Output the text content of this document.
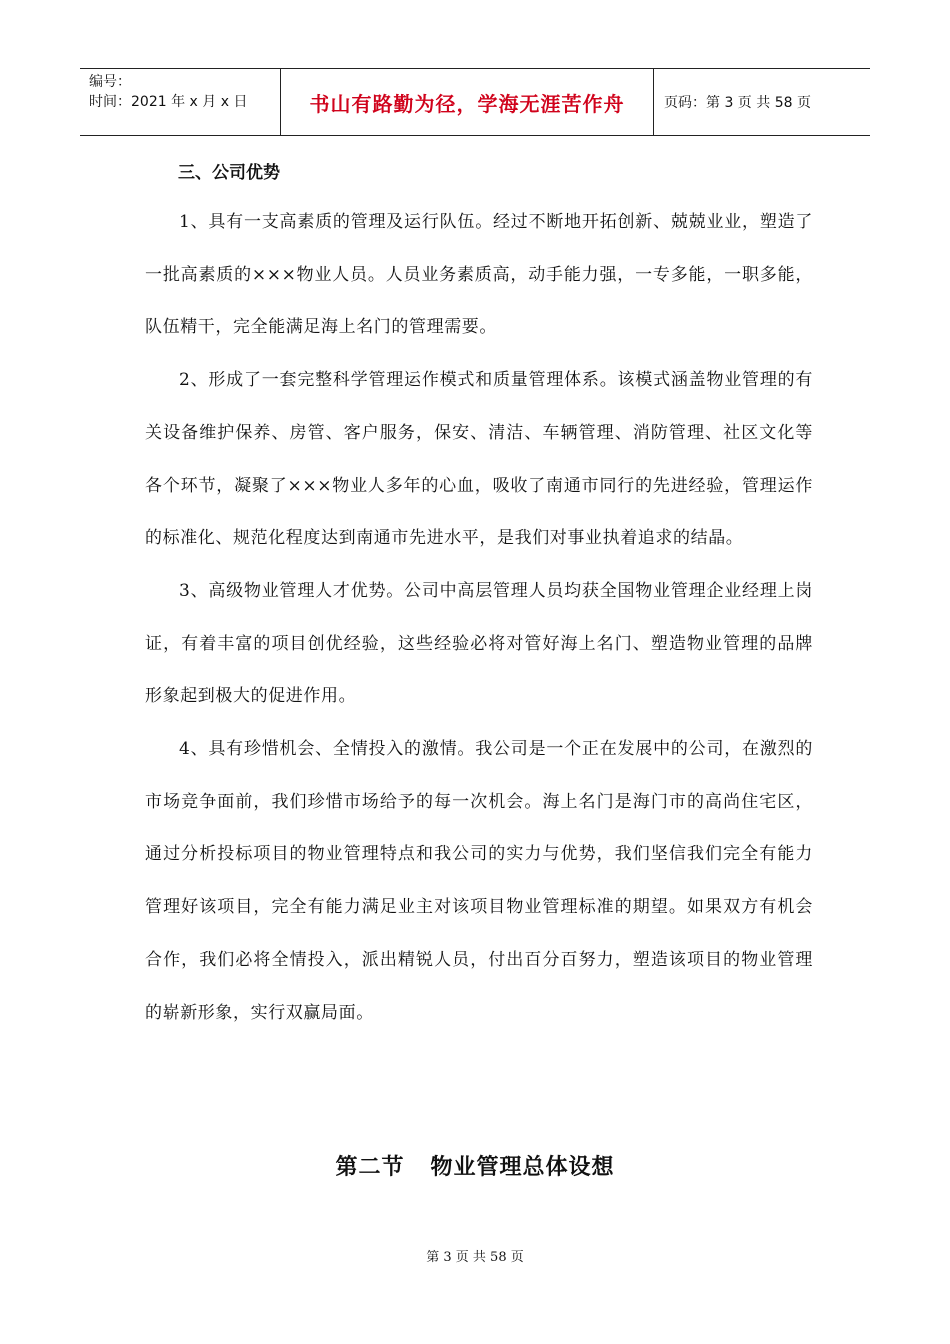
编号：
时间：2021 年 x 月 x 日	书山有路勤为径，学海无涯苦作舟	页码：第 3 页 共 58 页
三、公司优势

1、具有一支高素质的管理及运行队伍。经过不断地开拓创新、兢兢业业，塑造了一批高素质的×××物业人员。人员业务素质高，动手能力强，一专多能，一职多能，队伍精干，完全能满足海上名门的管理需要。

2、形成了一套完整科学管理运作模式和质量管理体系。该模式涵盖物业管理的有关设备维护保养、房管、客户服务，保安、清洁、车辆管理、消防管理、社区文化等各个环节，凝聚了×××物业人多年的心血，吸收了南通市同行的先进经验，管理运作的标准化、规范化程度达到南通市先进水平，是我们对事业执着追求的结晶。

3、高级物业管理人才优势。公司中高层管理人员均获全国物业管理企业经理上岗证，有着丰富的项目创优经验，这些经验必将对管好海上名门、塑造物业管理的品牌形象起到极大的促进作用。

4、具有珍惜机会、全情投入的激情。我公司是一个正在发展中的公司，在激烈的市场竞争面前，我们珍惜市场给予的每一次机会。海上名门是海门市的高尚住宅区，通过分析投标项目的物业管理特点和我公司的实力与优势，我们坚信我们完全有能力管理好该项目，完全有能力满足业主对该项目物业管理标准的期望。如果双方有机会合作，我们必将全情投入，派出精锐人员，付出百分百努力，塑造该项目的物业管理的崭新形象，实行双赢局面。

第二节   物业管理总体设想
第 3 页 共 58 页
